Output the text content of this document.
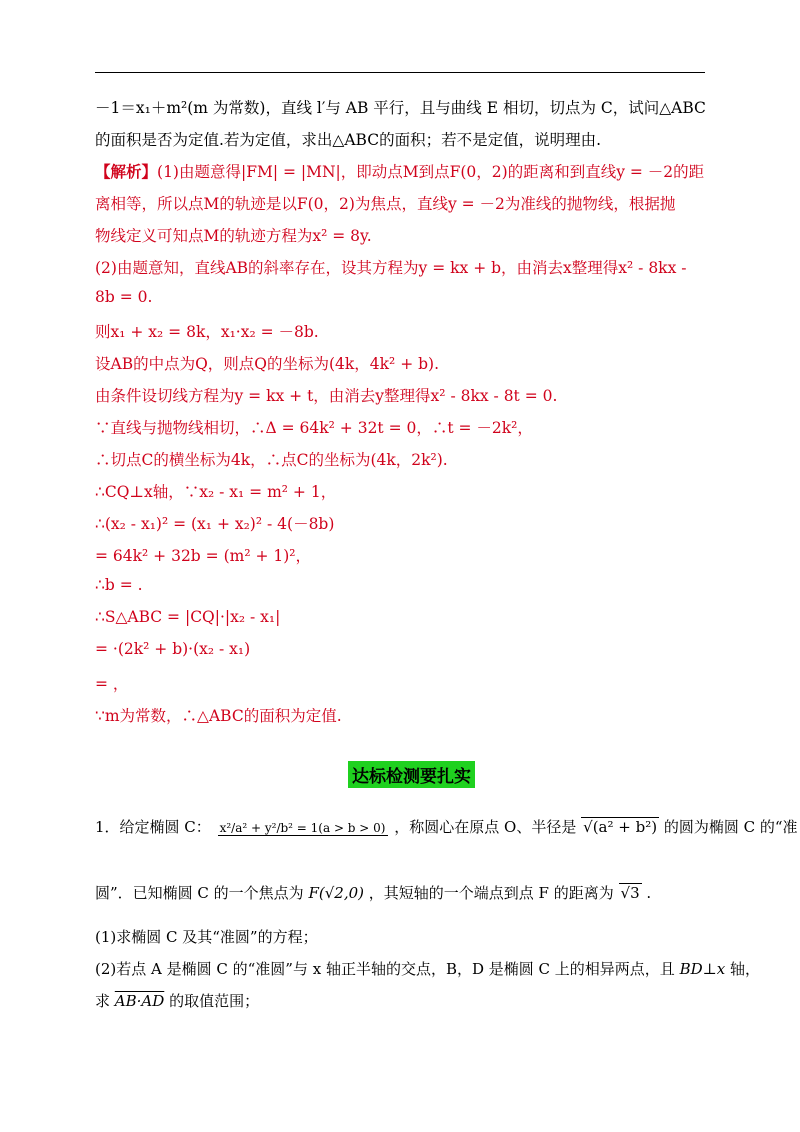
－1＝x₁＋m²(m 为常数)，直线 l′与 AB 平行，且与曲线 E 相切，切点为 C，试问△ABC
的面积是否为定值.若为定值，求出△ABC的面积；若不是定值，说明理由.
【解析】(1)由题意得|FM| = |MN|，即动点M到点F(0，2)的距离和到直线y = －2的距
离相等，所以点M的轨迹是以F(0，2)为焦点，直线y = －2为准线的抛物线，根据抛
物线定义可知点M的轨迹方程为x² = 8y.
(2)由题意知，直线AB的斜率存在，设其方程为y = kx + b，由消去x整理得x² - 8kx -
8b = 0.
则x₁ + x₂ = 8k，x₁·x₂ = －8b.
设AB的中点为Q，则点Q的坐标为(4k，4k² + b).
由条件设切线方程为y = kx + t，由消去y整理得x² - 8kx - 8t = 0.
∵直线与抛物线相切，∴Δ = 64k² + 32t = 0，∴t = －2k²，
∴切点C的横坐标为4k，∴点C的坐标为(4k，2k²).
∴CQ⊥x轴，∵x₂ - x₁ = m² + 1，
∴(x₂ - x₁)² = (x₁ + x₂)² - 4(－8b)
= 64k² + 32b = (m² + 1)²，
∴b = .
∴S△ABC = |CQ|·|x₂ - x₁|
= ·(2k² + b)·(x₂ - x₁)
= ，
∵m为常数，∴△ABC的面积为定值.
达标检测要扎实
1．给定椭圆 C： x²/a² + y²/b² = 1(a > b > 0) ，称圆心在原点 O、半径是 √(a² + b²) 的圆为椭圆 C 的“准
圆”．已知椭圆 C 的一个焦点为 F(√2,0) ，其短轴的一个端点到点 F 的距离为 √3 .
(1)求椭圆 C 及其“准圆”的方程；
(2)若点 A 是椭圆 C 的“准圆”与 x 轴正半轴的交点，B，D 是椭圆 C 上的相异两点，且 BD⊥x 轴，
求 AB·AD 的取值范围；
